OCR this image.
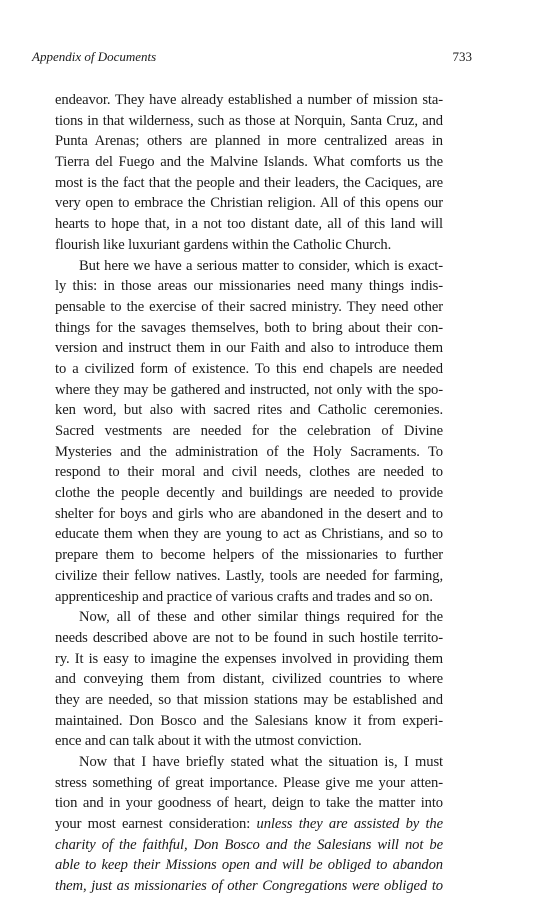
Appendix of Documents	733
endeavor. They have already established a number of mission sta-
tions in that wilderness, such as those at Norquin, Santa Cruz, and
Punta Arenas; others are planned in more centralized areas in
Tierra del Fuego and the Malvine Islands. What comforts us the
most is the fact that the people and their leaders, the Caciques, are
very open to embrace the Christian religion. All of this opens our
hearts to hope that, in a not too distant date, all of this land will
flourish like luxuriant gardens within the Catholic Church.
But here we have a serious matter to consider, which is exact-
ly this: in those areas our missionaries need many things indis-
pensable to the exercise of their sacred ministry. They need other
things for the savages themselves, both to bring about their con-
version and instruct them in our Faith and also to introduce them
to a civilized form of existence. To this end chapels are needed
where they may be gathered and instructed, not only with the spo-
ken word, but also with sacred rites and Catholic ceremonies.
Sacred vestments are needed for the celebration of Divine
Mysteries and the administration of the Holy Sacraments. To
respond to their moral and civil needs, clothes are needed to
clothe the people decently and buildings are needed to provide
shelter for boys and girls who are abandoned in the desert and to
educate them when they are young to act as Christians, and so to
prepare them to become helpers of the missionaries to further
civilize their fellow natives. Lastly, tools are needed for farming,
apprenticeship and practice of various crafts and trades and so on.
Now, all of these and other similar things required for the
needs described above are not to be found in such hostile territo-
ry. It is easy to imagine the expenses involved in providing them
and conveying them from distant, civilized countries to where
they are needed, so that mission stations may be established and
maintained. Don Bosco and the Salesians know it from experi-
ence and can talk about it with the utmost conviction.
Now that I have briefly stated what the situation is, I must
stress something of great importance. Please give me your atten-
tion and in your goodness of heart, deign to take the matter into
your most earnest consideration: unless they are assisted by the
charity of the faithful, Don Bosco and the Salesians will not be
able to keep their Missions open and will be obliged to abandon
them, just as missionaries of other Congregations were obliged to
